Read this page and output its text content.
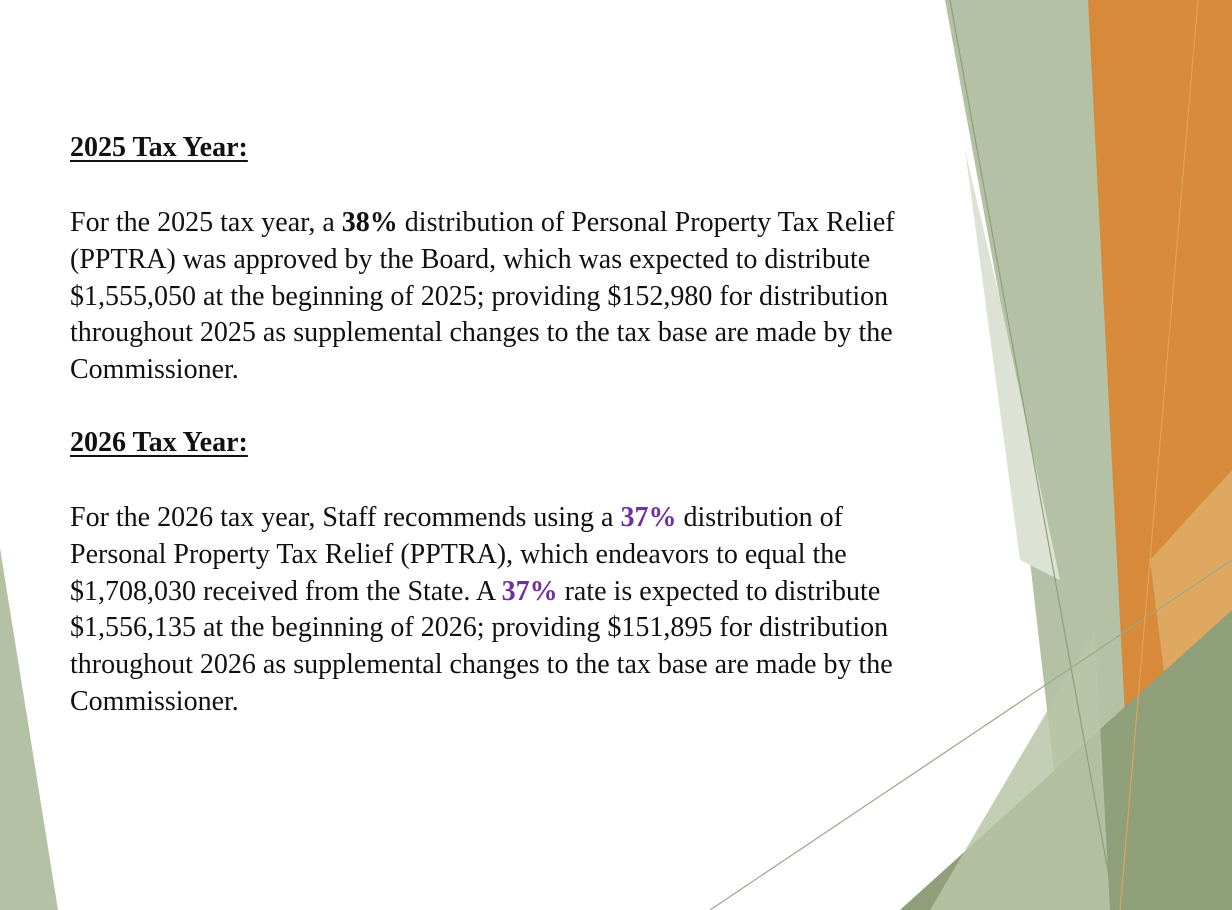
2025 Tax Year:

For the 2025 tax year, a 38% distribution of Personal Property Tax Relief
(PPTRA) was approved by the Board, which was expected to distribute
$1,555,050 at the beginning of 2025; providing $152,980 for distribution
throughout 2025 as supplemental changes to the tax base are made by the
Commissioner.

2026 Tax Year:

For the 2026 tax year, Staff recommends using a 37% distribution of
Personal Property Tax Relief (PPTRA), which endeavors to equal the
$1,708,030 received from the State. A 37% rate is expected to distribute
$1,556,135 at the beginning of 2026; providing $151,895 for distribution
throughout 2026 as supplemental changes to the tax base are made by the
Commissioner.
